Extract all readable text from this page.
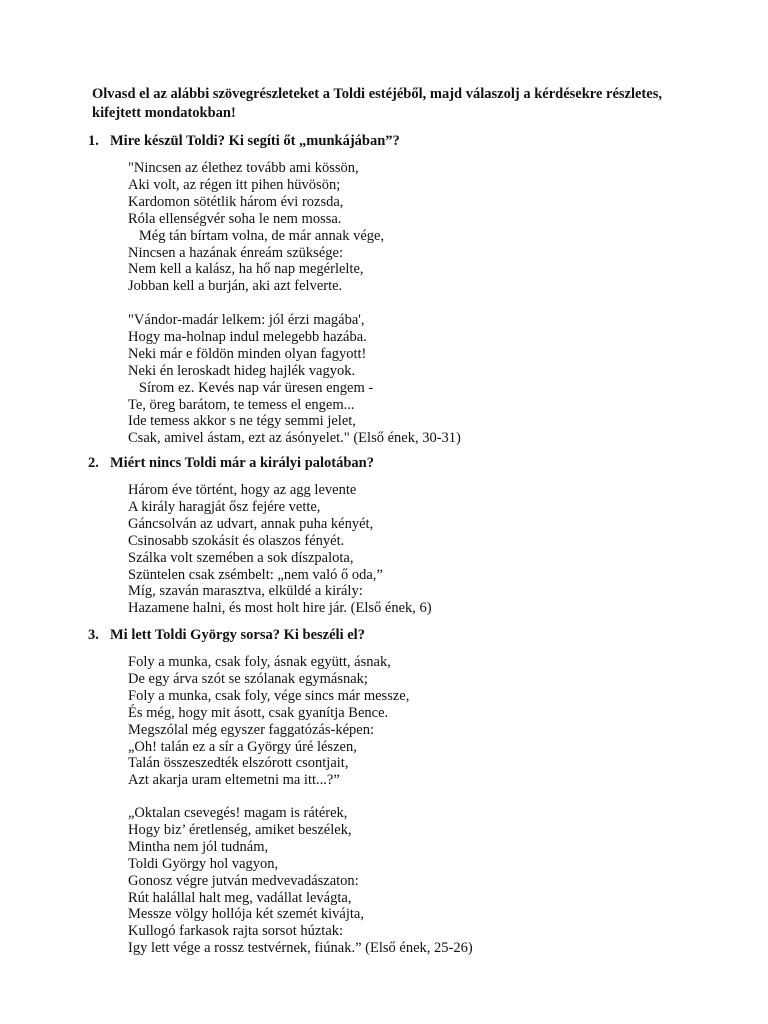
Olvasd el az alábbi szövegrészleteket a Toldi estéjéből, majd válaszolj a kérdésekre részletes, kifejtett mondatokban!
1. Mire készül Toldi? Ki segíti őt „munkájában”?
"Nincsen az élethez tovább ami kössön,
Aki volt, az régen itt pihen hüvösön;
Kardomon sötétlik három évi rozsda,
Róla ellenségvér soha le nem mossa.
Még tán bírtam volna, de már annak vége,
Nincsen a hazának énreám szüksége:
Nem kell a kalász, ha hő nap megérlelte,
Jobban kell a burján, aki azt felverte.
"Vándor-madár lelkem: jól érzi magába',
Hogy ma-holnap indul melegebb hazába.
Neki már e földön minden olyan fagyott!
Neki én leroskadt hideg hajlék vagyok.
Sírom ez. Kevés nap vár üresen engem -
Te, öreg barátom, te temess el engem...
Ide temess akkor s ne tégy semmi jelet,
Csak, amivel ástam, ezt az ásónyelet." (Első ének, 30-31)
2. Miért nincs Toldi már a királyi palotában?
Három éve történt, hogy az agg levente
A király haragját ősz fejére vette,
Gáncsolván az udvart, annak puha kényét,
Csinosabb szokásit és olaszos fényét.
Szálka volt szemében a sok díszpalota,
Szüntelen csak zsémbelt: „nem való ő oda,”
Míg, szaván marasztva, elküldé a király:
Hazamene halni, és most holt hire jár. (Első ének, 6)
3. Mi lett Toldi György sorsa? Ki beszéli el?
Foly a munka, csak foly, ásnak együtt, ásnak,
De egy árva szót se szólanak egymásnak;
Foly a munka, csak foly, vége sincs már messze,
És még, hogy mit ásott, csak gyanítja Bence.
Megszólal még egyszer faggatózás-képen:
„Oh! talán ez a sír a György úré lészen,
Talán összeszedték elszórott csontjait,
Azt akarja uram eltemetni ma itt...?”
„Oktalan csevegés! magam is rátérek,
Hogy biz’ éretlenség, amiket beszélek,
Mintha nem jól tudnám,
Toldi György hol vagyon,
Gonosz végre jutván medvevadászaton:
Rút halállal halt meg, vadállat levágta,
Messze völgy hollója két szemét kivájta,
Kullogó farkasok rajta sorsot húztak:
Igy lett vége a rossz testvérnek, fiúnak.” (Első ének, 25-26)
